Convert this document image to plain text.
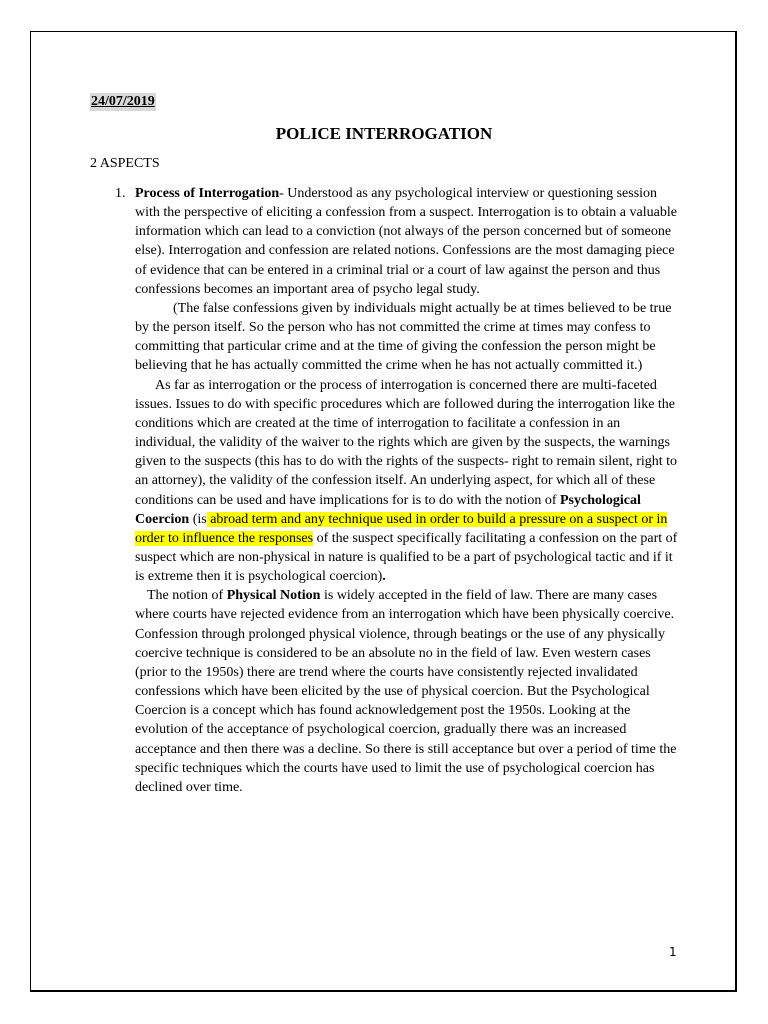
24/07/2019
POLICE INTERROGATION
2 ASPECTS
1. Process of Interrogation- Understood as any psychological interview or questioning session with the perspective of eliciting a confession from a suspect. Interrogation is to obtain a valuable information which can lead to a conviction (not always of the person concerned but of someone else). Interrogation and confession are related notions. Confessions are the most damaging piece of evidence that can be entered in a criminal trial or a court of law against the person and thus confessions becomes an important area of psycho legal study.

(The false confessions given by individuals might actually be at times believed to be true by the person itself. So the person who has not committed the crime at times may confess to committing that particular crime and at the time of giving the confession the person might be believing that he has actually committed the crime when he has not actually committed it.)

As far as interrogation or the process of interrogation is concerned there are multi-faceted issues. Issues to do with specific procedures which are followed during the interrogation like the conditions which are created at the time of interrogation to facilitate a confession in an individual, the validity of the waiver to the rights which are given by the suspects, the warnings given to the suspects (this has to do with the rights of the suspects- right to remain silent, right to an attorney), the validity of the confession itself. An underlying aspect, for which all of these conditions can be used and have implications for is to do with the notion of Psychological Coercion (is abroad term and any technique used in order to build a pressure on a suspect or in order to influence the responses of the suspect specifically facilitating a confession on the part of suspect which are non-physical in nature is qualified to be a part of psychological tactic and if it is extreme then it is psychological coercion).

The notion of Physical Notion is widely accepted in the field of law. There are many cases where courts have rejected evidence from an interrogation which have been physically coercive. Confession through prolonged physical violence, through beatings or the use of any physically coercive technique is considered to be an absolute no in the field of law. Even western cases (prior to the 1950s) there are trend where the courts have consistently rejected invalidated confessions which have been elicited by the use of physical coercion. But the Psychological Coercion is a concept which has found acknowledgement post the 1950s. Looking at the evolution of the acceptance of psychological coercion, gradually there was an increased acceptance and then there was a decline. So there is still acceptance but over a period of time the specific techniques which the courts have used to limit the use of psychological coercion has declined over time.

1
